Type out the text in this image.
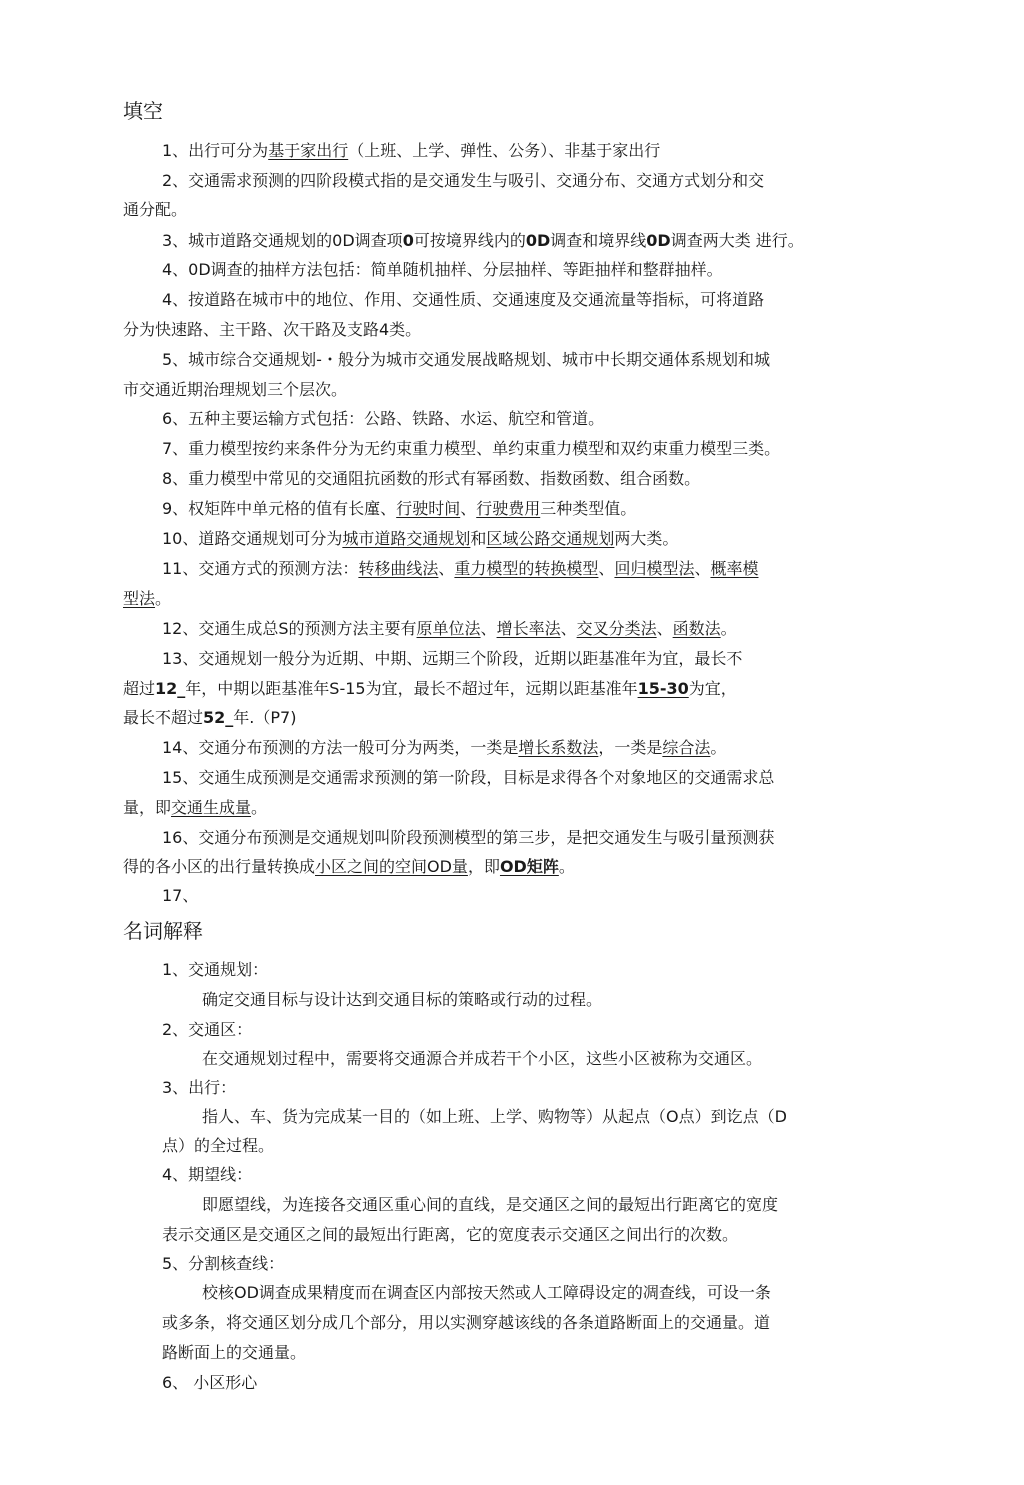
填空
1、出行可分为基于家出行（上班、上学、弹性、公务）、非基于家出行
2、交通需求预测的四阶段模式指的是交通发生与吸引、交通分布、交通方式划分和交
通分配。
3、城市道路交通规划的0D调查项0可按境界线内的0D调查和境界线0D调查两大类 进行。
4、0D调查的抽样方法包括：简单随机抽样、分层抽样、等距抽样和整群抽样。
4、按道路在城市中的地位、作用、交通性质、交通速度及交通流量等指标，可将道路
分为快速路、主干路、次干路及支路4类。
5、城市综合交通规划-・般分为城市交通发展战略规划、城市中长期交通体系规划和城
市交通近期治理规划三个层次。
6、五种主要运输方式包括：公路、铁路、水运、航空和管道。
7、重力模型按约来条件分为无约束重力模型、单约束重力模型和双约束重力模型三类。
8、重力模型中常见的交通阻抗函数的形式有幂函数、指数函数、组合函数。
9、权矩阵中单元格的值有长廑、行驶时间、行驶费用三种类型值。
10、道路交通规划可分为城市道路交通规划和区域公路交通规划两大类。
11、交通方式的预测方法：转移曲线法、重力模型的转换模型、回归模型法、概率模
型法。
12、交通生成总S的预测方法主要有原单位法、增长率法、交叉分类法、函数法。
13、交通规划一般分为近期、中期、远期三个阶段，近期以距基准年为宜，最长不
超过12_年，中期以距基准年S-15为宜，最长不超过年，远期以距基准年15-30为宜，
最长不超过52_年.（P7)
14、交通分布预测的方法一般可分为两类，一类是增长系数法，一类是综合法。
15、交通生成预测是交通需求预测的第一阶段，目标是求得各个对象地区的交通需求总
量，即交通生成量。
16、交通分布预测是交通规划叫阶段预测模型的第三步，是把交通发生与吸引量预测获
得的各小区的出行量转换成小区之间的空间OD量，即OD矩阵。
17、
名词解释
1、交通规划：
确定交通目标与设计达到交通目标的策略或行动的过程。
2、交通区：
在交通规划过程中，需要将交通源合并成若干个小区，这些小区被称为交通区。
3、出行：
指人、车、货为完成某一目的（如上班、上学、购物等）从起点（O点）到讫点（D
点）的全过程。
4、期望线：
即愿望线，为连接各交通区重心间的直线，是交通区之间的最短出行距离它的宽度
表示交通区是交通区之间的最短出行距离，它的宽度表示交通区之间出行的次数。
5、分割核查线：
校核OD调查成果精度而在调查区内部按天然或人工障碍设定的凋查线，可设一条
或多条，将交通区划分成几个部分，用以实测穿越该线的各条道路断面上的交通量。道
路断面上的交通量。
6、 小区形心
